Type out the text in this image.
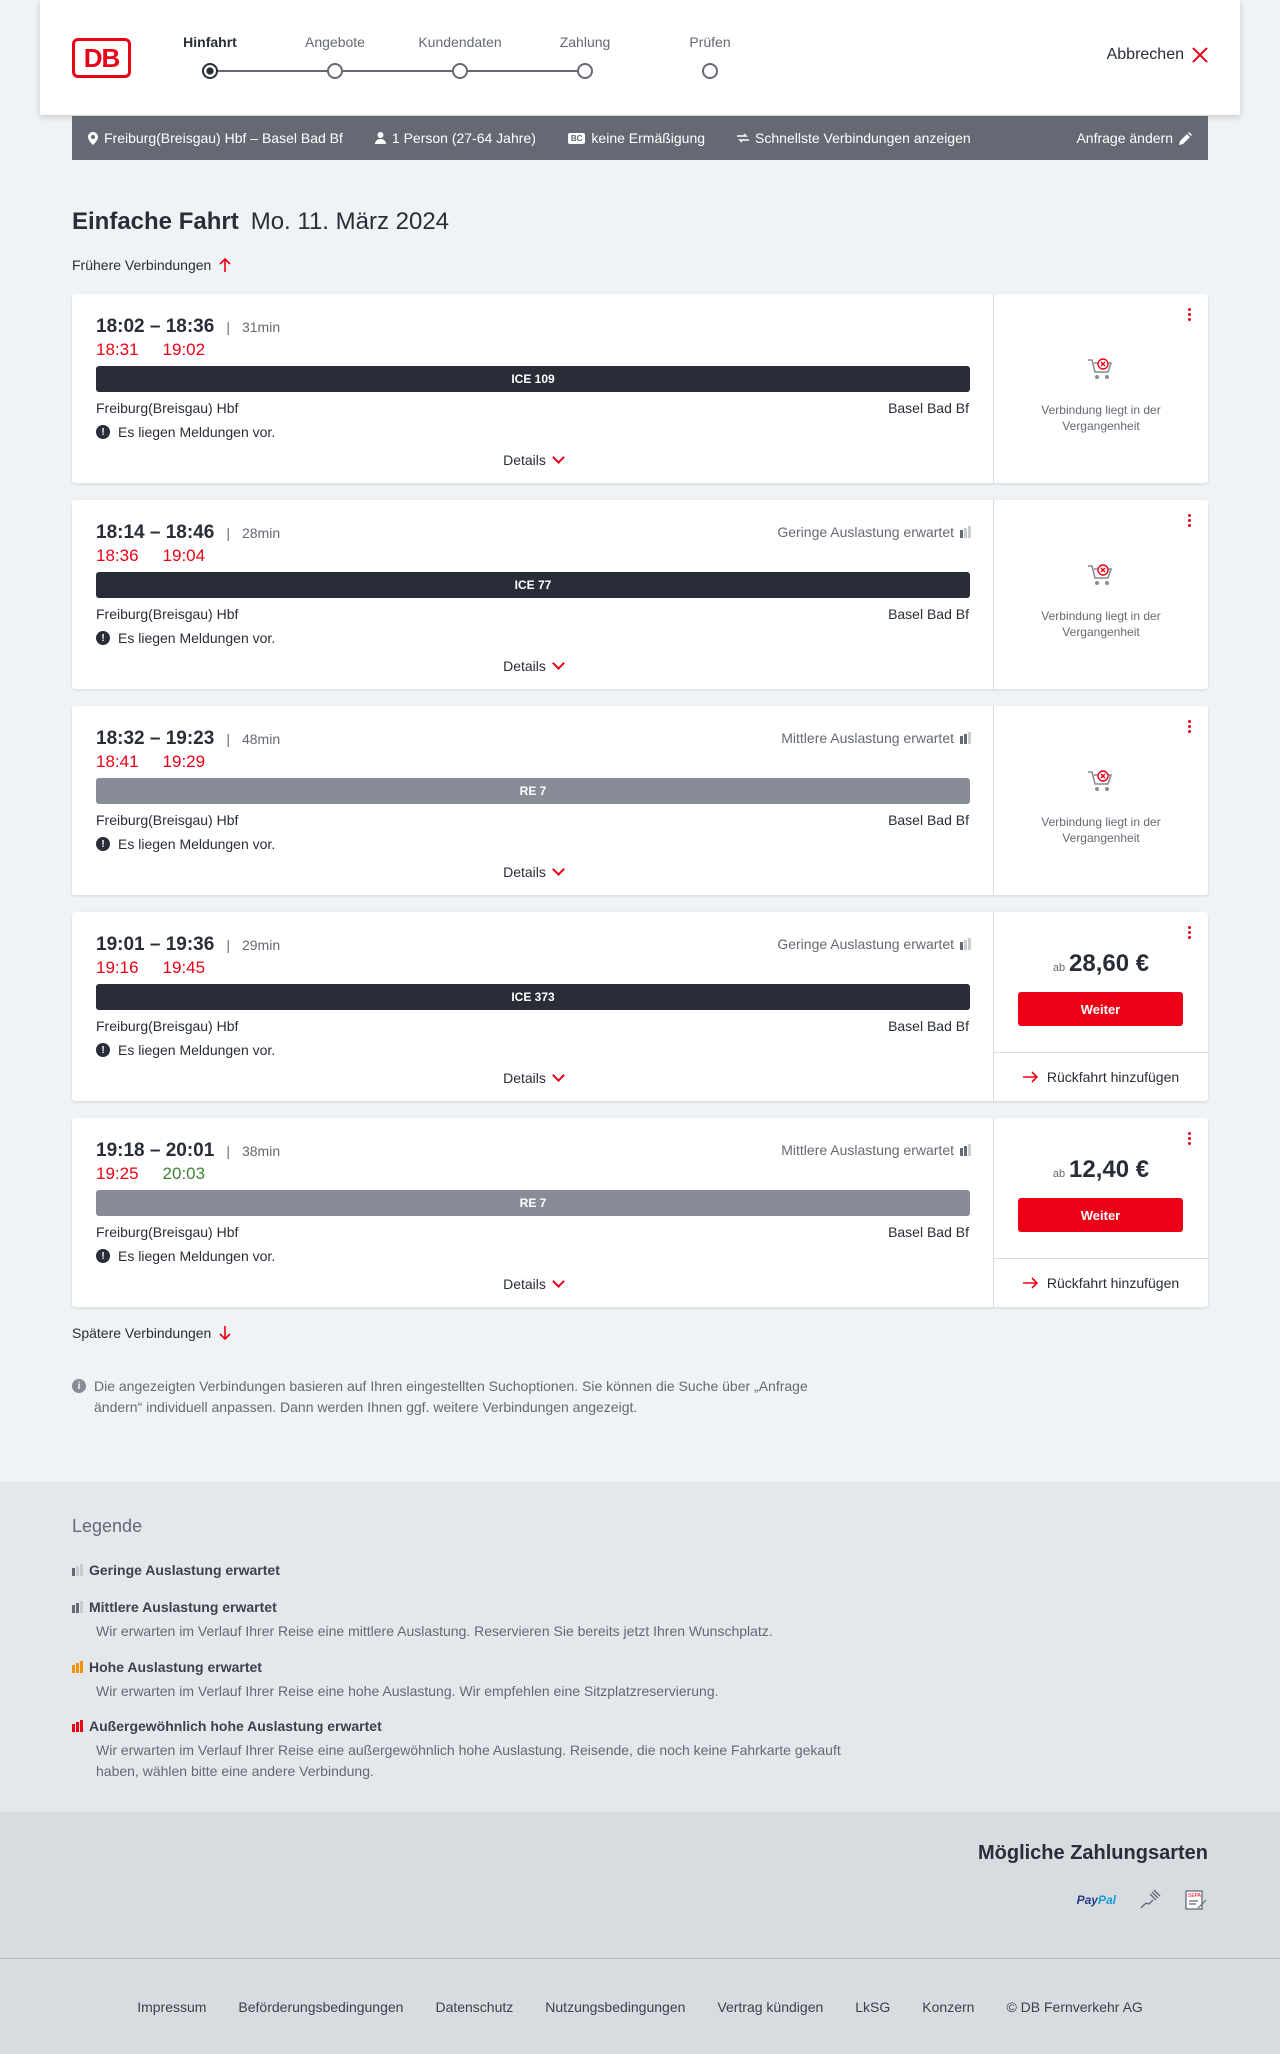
DB
Hinfahrt	Angebote	Kundendaten	Zahlung	Prüfen
Abbrechen
Freiburg(Breisgau) Hbf – Basel Bad Bf	1 Person (27-64 Jahre)	BC keine Ermäßigung	Schnellste Verbindungen anzeigen	Anfrage ändern
Einfache Fahrt Mo. 11. März 2024
Frühere Verbindungen
18:02 – 18:36 | 31min
18:31 19:02
ICE 109
Freiburg(Breisgau) Hbf	Basel Bad Bf
! Es liegen Meldungen vor.
Details
Verbindung liegt in der Vergangenheit
18:14 – 18:46 | 28min
18:36 19:04
Geringe Auslastung erwartet
ICE 77
Freiburg(Breisgau) Hbf	Basel Bad Bf
! Es liegen Meldungen vor.
Details
Verbindung liegt in der Vergangenheit
18:32 – 19:23 | 48min
18:41 19:29
Mittlere Auslastung erwartet
RE 7
Freiburg(Breisgau) Hbf	Basel Bad Bf
! Es liegen Meldungen vor.
Details
Verbindung liegt in der Vergangenheit
19:01 – 19:36 | 29min
19:16 19:45
Geringe Auslastung erwartet
ICE 373
Freiburg(Breisgau) Hbf	Basel Bad Bf
! Es liegen Meldungen vor.
Details
ab 28,60 €
Weiter
Rückfahrt hinzufügen
19:18 – 20:01 | 38min
19:25 20:03
Mittlere Auslastung erwartet
RE 7
Freiburg(Breisgau) Hbf	Basel Bad Bf
! Es liegen Meldungen vor.
Details
ab 12,40 €
Weiter
Rückfahrt hinzufügen
Spätere Verbindungen
i Die angezeigten Verbindungen basieren auf Ihren eingestellten Suchoptionen. Sie können die Suche über „Anfrage ändern“ individuell anpassen. Dann werden Ihnen ggf. weitere Verbindungen angezeigt.
Legende
Geringe Auslastung erwartet
Mittlere Auslastung erwartet
Wir erwarten im Verlauf Ihrer Reise eine mittlere Auslastung. Reservieren Sie bereits jetzt Ihren Wunschplatz.
Hohe Auslastung erwartet
Wir erwarten im Verlauf Ihrer Reise eine hohe Auslastung. Wir empfehlen eine Sitzplatzreservierung.
Außergewöhnlich hohe Auslastung erwartet
Wir erwarten im Verlauf Ihrer Reise eine außergewöhnlich hohe Auslastung. Reisende, die noch keine Fahrkarte gekauft haben, wählen bitte eine andere Verbindung.
Mögliche Zahlungsarten
PayPal	SEPA
Impressum Beförderungsbedingungen Datenschutz Nutzungsbedingungen Vertrag kündigen LkSG Konzern © DB Fernverkehr AG
